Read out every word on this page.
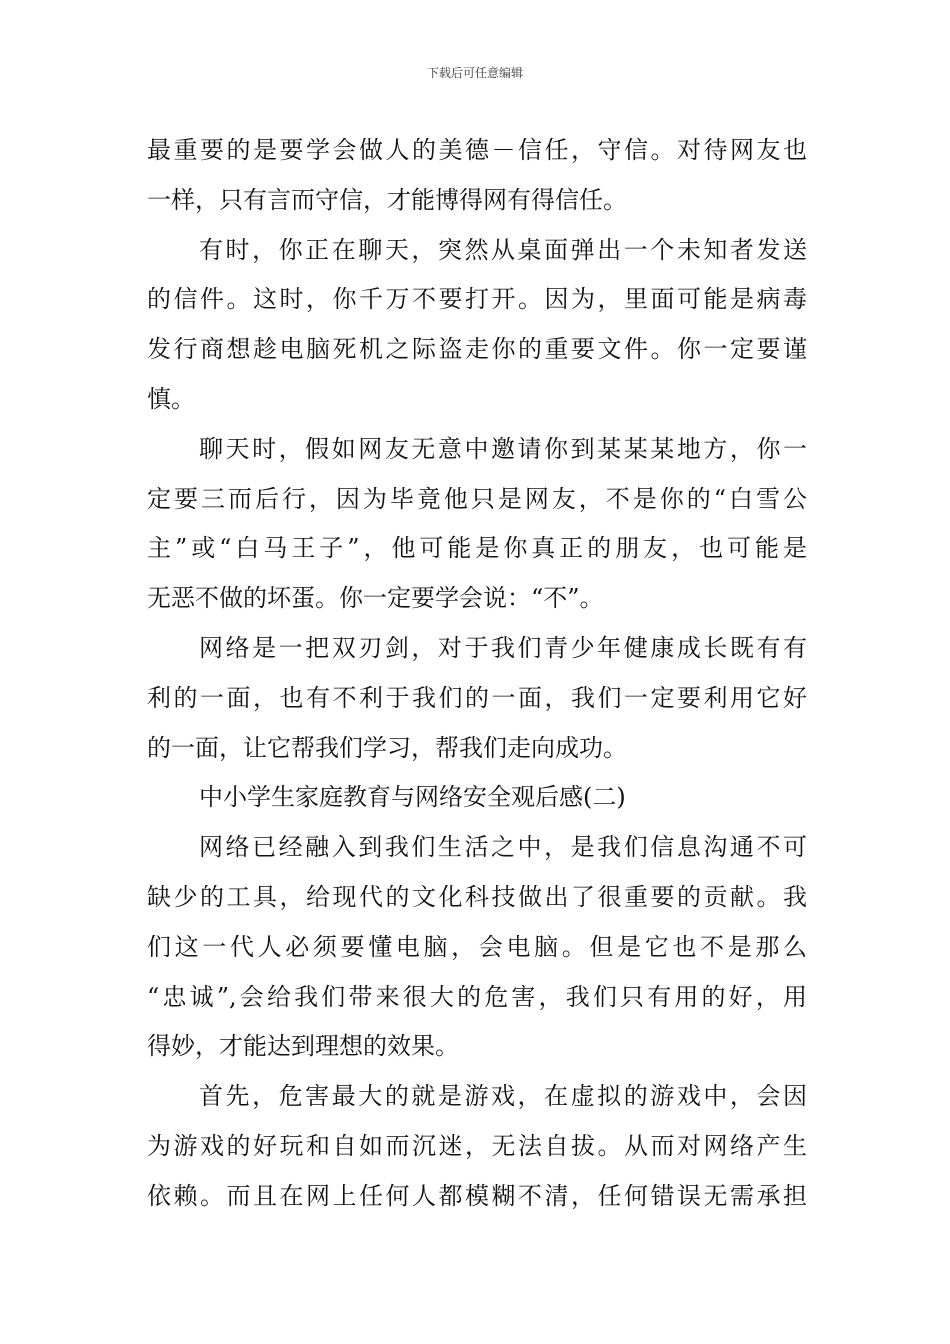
下载后可任意编辑
最重要的是要学会做人的美德－信任，守信。对待网友也
一样，只有言而守信，才能博得网有得信任。
有时，你正在聊天，突然从桌面弹出一个未知者发送
的信件。这时，你千万不要打开。因为，里面可能是病毒
发行商想趁电脑死机之际盗走你的重要文件。你一定要谨
慎。
聊天时，假如网友无意中邀请你到某某某地方，你一
定要三而后行，因为毕竟他只是网友，不是你的“白雪公
主”或“白马王子”，他可能是你真正的朋友，也可能是
无恶不做的坏蛋。你一定要学会说：“不”。
网络是一把双刃剑，对于我们青少年健康成长既有有
利的一面，也有不利于我们的一面，我们一定要利用它好
的一面，让它帮我们学习，帮我们走向成功。
中小学生家庭教育与网络安全观后感(二)
网络已经融入到我们生活之中，是我们信息沟通不可
缺少的工具，给现代的文化科技做出了很重要的贡献。我
们这一代人必须要懂电脑，会电脑。但是它也不是那么
“忠诚”,会给我们带来很大的危害，我们只有用的好，用
得妙，才能达到理想的效果。
首先，危害最大的就是游戏，在虚拟的游戏中，会因
为游戏的好玩和自如而沉迷，无法自拔。从而对网络产生
依赖。而且在网上任何人都模糊不清，任何错误无需承担
